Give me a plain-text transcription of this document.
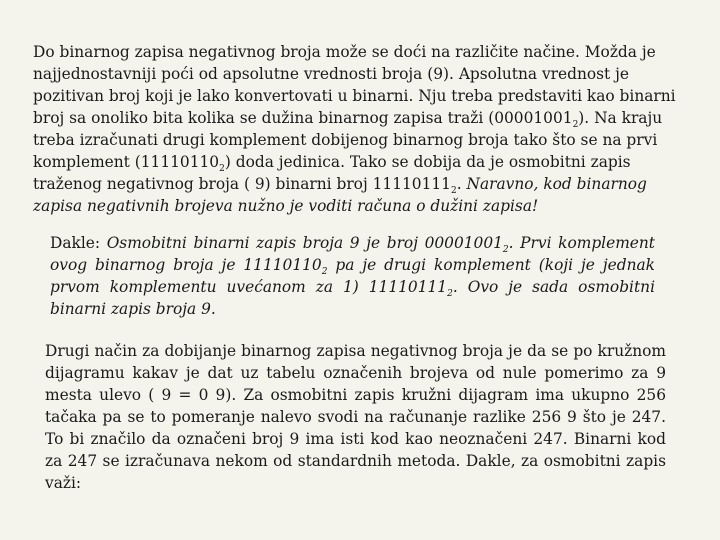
Do binarnog zapisa negativnog broja može se doći na različite načine. Možda je najjednostavniji poći od apsolutne vrednosti broja (9). Apsolutna vrednost je pozitivan broj koji je lako konvertovati u binarni. Nju treba predstaviti kao binarni broj sa onoliko bita kolika se dužina binarnog zapisa traži $(00001001_2)$. Na kraju treba izračunati drugi komplement dobijenog binarnog broja tako što se na prvi komplement $(11110110_2)$ doda jedinica. Tako se dobija da je osmobitni zapis traženog negativnog broja ( 9) binarni broj $11110111_2$. Naravno, kod binarnog zapisa negativnih brojeva nužno je voditi računa o dužini zapisa!

Dakle: Osmobitni binarni zapis broja 9 je broj $00001001_2$. Prvi komplement ovog binarnog broja je $11110110_2$ pa je drugi komplement (koji je jednak prvom komplementu uvećanom za 1) $11110111_2$. Ovo je sada osmobitni binarni zapis broja 9.

Drugi način za dobijanje binarnog zapisa negativnog broja je da se po kružnom dijagramu kakav je dat uz tabelu označenih brojeva od nule pomerimo za 9 mesta ulevo ( 9 = 0 9). Za osmobitni zapis kružni dijagram ima ukupno 256 tačaka pa se to pomeranje nalevo svodi na računanje razlike 256 9 što je 247. To bi značilo da označeni broj 9 ima isti kod kao neoznačeni 247. Binarni kod za 247 se izračunava nekom od standardnih metoda. Dakle, za osmobitni zapis važi:
